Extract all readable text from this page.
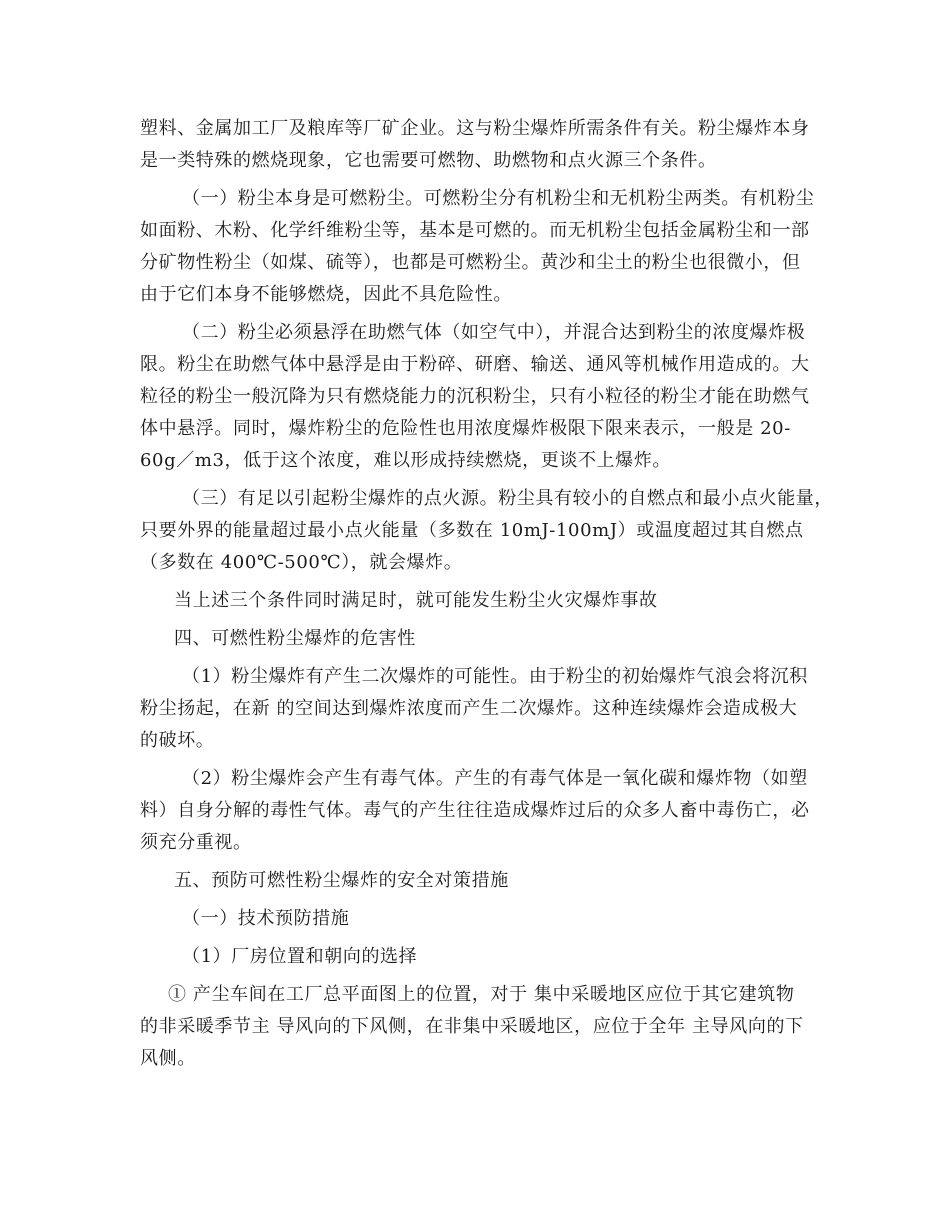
塑料、金属加工厂及粮库等厂矿企业。这与粉尘爆炸所需条件有关。粉尘爆炸本身
是一类特殊的燃烧现象，它也需要可燃物、助燃物和点火源三个条件。
（一）粉尘本身是可燃粉尘。可燃粉尘分有机粉尘和无机粉尘两类。有机粉尘
如面粉、木粉、化学纤维粉尘等，基本是可燃的。而无机粉尘包括金属粉尘和一部
分矿物性粉尘（如煤、硫等），也都是可燃粉尘。黄沙和尘土的粉尘也很微小，但
由于它们本身不能够燃烧，因此不具危险性。
（二）粉尘必须悬浮在助燃气体（如空气中），并混合达到粉尘的浓度爆炸极
限。粉尘在助燃气体中悬浮是由于粉碎、研磨、输送、通风等机械作用造成的。大
粒径的粉尘一般沉降为只有燃烧能力的沉积粉尘，只有小粒径的粉尘才能在助燃气
体中悬浮。同时，爆炸粉尘的危险性也用浓度爆炸极限下限来表示，一般是 20-
60g／m3，低于这个浓度，难以形成持续燃烧，更谈不上爆炸。
（三）有足以引起粉尘爆炸的点火源。粉尘具有较小的自燃点和最小点火能量，
只要外界的能量超过最小点火能量（多数在 10mJ-100mJ）或温度超过其自燃点
（多数在 400℃-500℃），就会爆炸。
当上述三个条件同时满足时，就可能发生粉尘火灾爆炸事故
四、可燃性粉尘爆炸的危害性
（1）粉尘爆炸有产生二次爆炸的可能性。由于粉尘的初始爆炸气浪会将沉积
粉尘扬起，在新 的空间达到爆炸浓度而产生二次爆炸。这种连续爆炸会造成极大
的破坏。
（2）粉尘爆炸会产生有毒气体。产生的有毒气体是一氧化碳和爆炸物（如塑
料）自身分解的毒性气体。毒气的产生往往造成爆炸过后的众多人畜中毒伤亡，必
须充分重视。
五、预防可燃性粉尘爆炸的安全对策措施
（一）技术预防措施
（1）厂房位置和朝向的选择
① 产尘车间在工厂总平面图上的位置，对于 集中采暖地区应位于其它建筑物
的非采暖季节主 导风向的下风侧，在非集中采暖地区，应位于全年 主导风向的下
风侧。
